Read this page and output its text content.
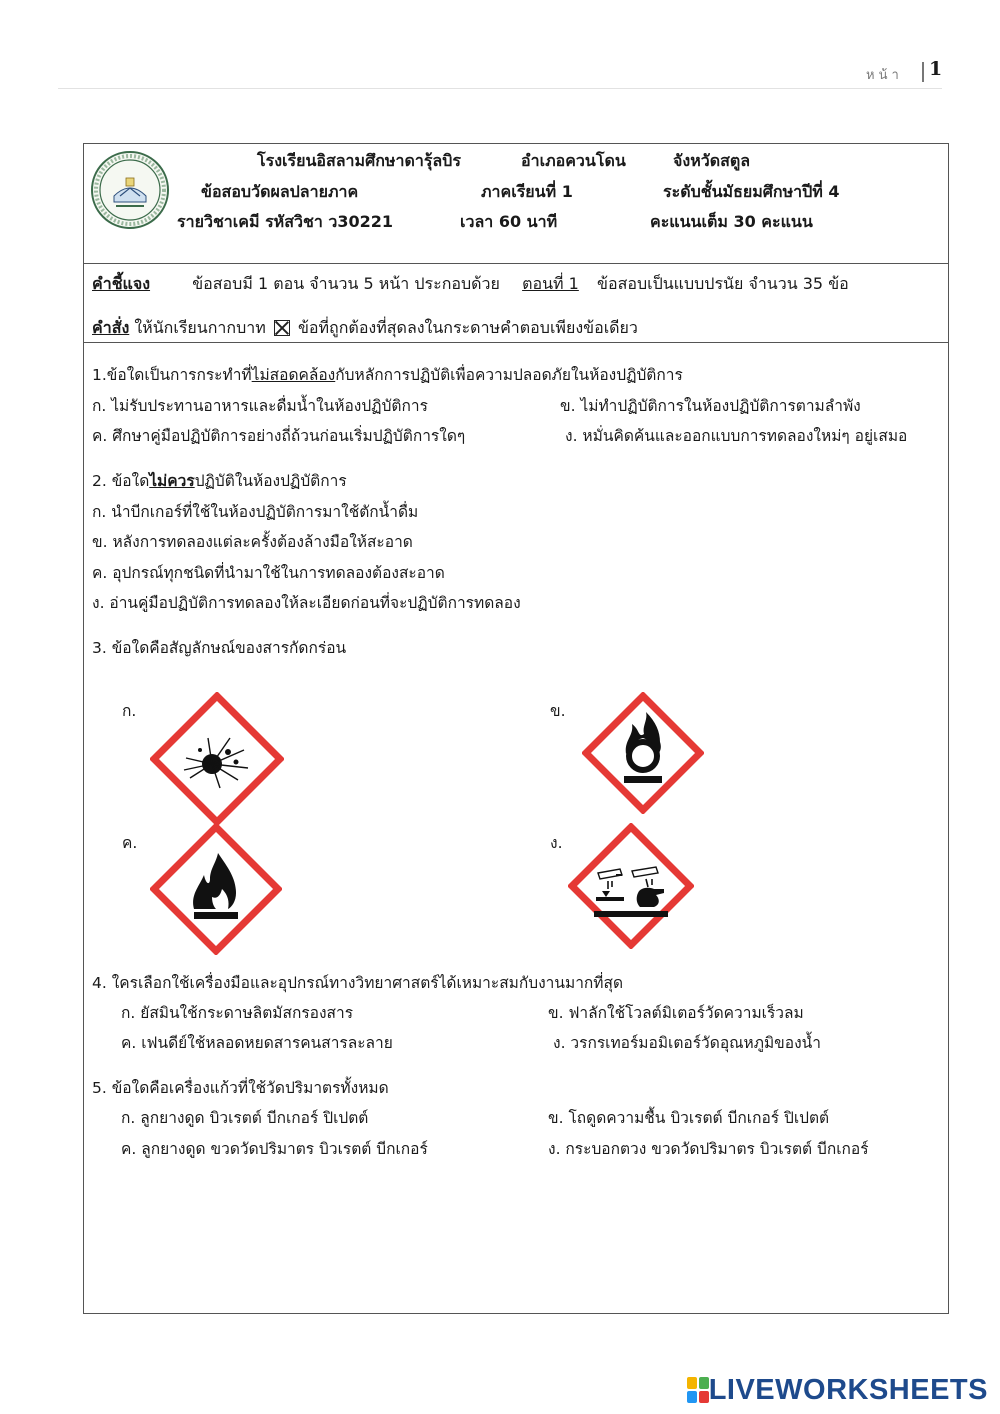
หน้า 1
โรงเรียนอิสลามศึกษาดารุ้ลบิร	อำเภอควนโดน	จังหวัดสตูล
ข้อสอบวัดผลปลายภาค	ภาคเรียนที่ 1	ระดับชั้นมัธยมศึกษาปีที่ 4
รายวิชาเคมี รหัสวิชา ว30221	เวลา 60 นาที	คะแนนเต็ม 30 คะแนน
คำชี้แจง	ข้อสอบมี 1 ตอน จำนวน 5 หน้า ประกอบด้วย ตอนที่ 1 ข้อสอบเป็นแบบปรนัย จำนวน 35 ข้อ
คำสั่ง ให้นักเรียนกากบาท ☒ ข้อที่ถูกต้องที่สุดลงในกระดาษคำตอบเพียงข้อเดียว
1.ข้อใดเป็นการกระทำที่ไม่สอดคล้องกับหลักการปฏิบัติเพื่อความปลอดภัยในห้องปฏิบัติการ
ก. ไม่รับประทานอาหารและดื่มน้ำในห้องปฏิบัติการ	ข. ไม่ทำปฏิบัติการในห้องปฏิบัติการตามลำพัง
ค. ศึกษาคู่มือปฏิบัติการอย่างถี่ถ้วนก่อนเริ่มปฏิบัติการใดๆ	ง. หมั่นคิดค้นและออกแบบการทดลองใหม่ๆ อยู่เสมอ
2. ข้อใดไม่ควรปฏิบัติในห้องปฏิบัติการ
ก. นำบีกเกอร์ที่ใช้ในห้องปฏิบัติการมาใช้ตักน้ำดื่ม
ข. หลังการทดลองแต่ละครั้งต้องล้างมือให้สะอาด
ค. อุปกรณ์ทุกชนิดที่นำมาใช้ในการทดลองต้องสะอาด
ง. อ่านคู่มือปฏิบัติการทดลองให้ละเอียดก่อนที่จะปฏิบัติการทดลอง
3. ข้อใดคือสัญลักษณ์ของสารกัดกร่อน
ก.	ข.
ค.	ง.
4. ใครเลือกใช้เครื่องมือและอุปกรณ์ทางวิทยาศาสตร์ได้เหมาะสมกับงานมากที่สุด
ก. ยัสมินใช้กระดาษลิตมัสกรองสาร	ข. ฟาลักใช้โวลต์มิเตอร์วัดความเร็วลม
ค. เฟนดีย์ใช้หลอดหยดสารคนสารละลาย	ง. วรกรเทอร์มอมิเตอร์วัดอุณหภูมิของน้ำ
5. ข้อใดคือเครื่องแก้วที่ใช้วัดปริมาตรทั้งหมด
ก. ลูกยางดูด บิวเรตต์ บีกเกอร์ ปิเปตต์	ข. โถดูดความชื้น บิวเรตต์ บีกเกอร์ ปิเปตต์
ค. ลูกยางดูด ขวดวัดปริมาตร บิวเรตต์ บีกเกอร์	ง. กระบอกตวง ขวดวัดปริมาตร บิวเรตต์ บีกเกอร์
LIVEWORKSHEETS
